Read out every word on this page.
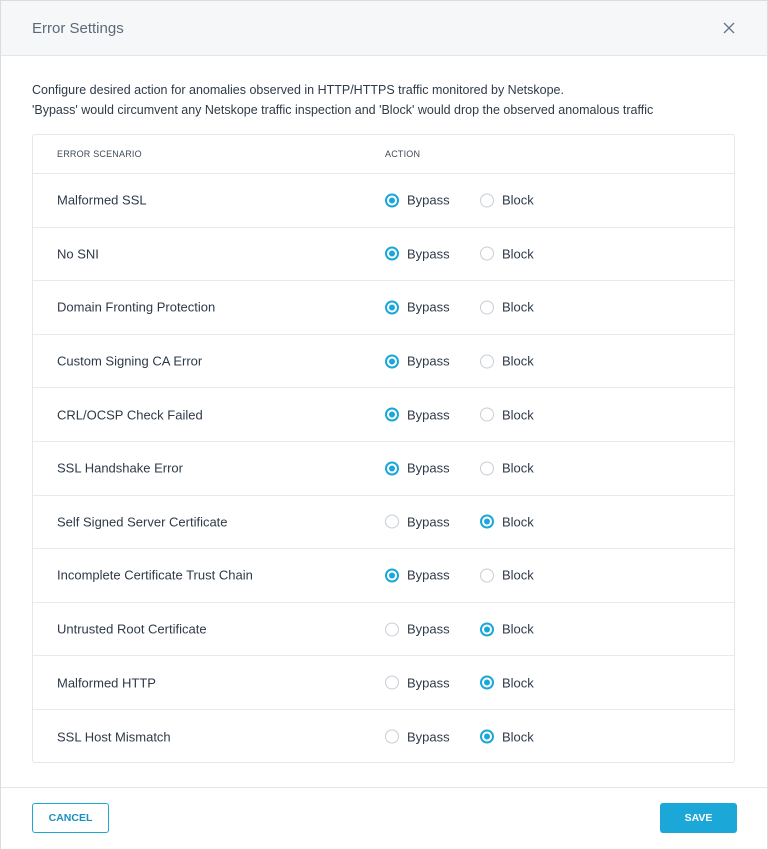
Error Settings
Configure desired action for anomalies observed in HTTP/HTTPS traffic monitored by Netskope.
'Bypass' would circumvent any Netskope traffic inspection and 'Block' would drop the observed anomalous traffic
ERROR SCENARIO	ACTION
Malformed SSL	Bypass	Block
No SNI	Bypass	Block
Domain Fronting Protection	Bypass	Block
Custom Signing CA Error	Bypass	Block
CRL/OCSP Check Failed	Bypass	Block
SSL Handshake Error	Bypass	Block
Self Signed Server Certificate	Bypass	Block
Incomplete Certificate Trust Chain	Bypass	Block
Untrusted Root Certificate	Bypass	Block
Malformed HTTP	Bypass	Block
SSL Host Mismatch	Bypass	Block
CANCEL	SAVE
